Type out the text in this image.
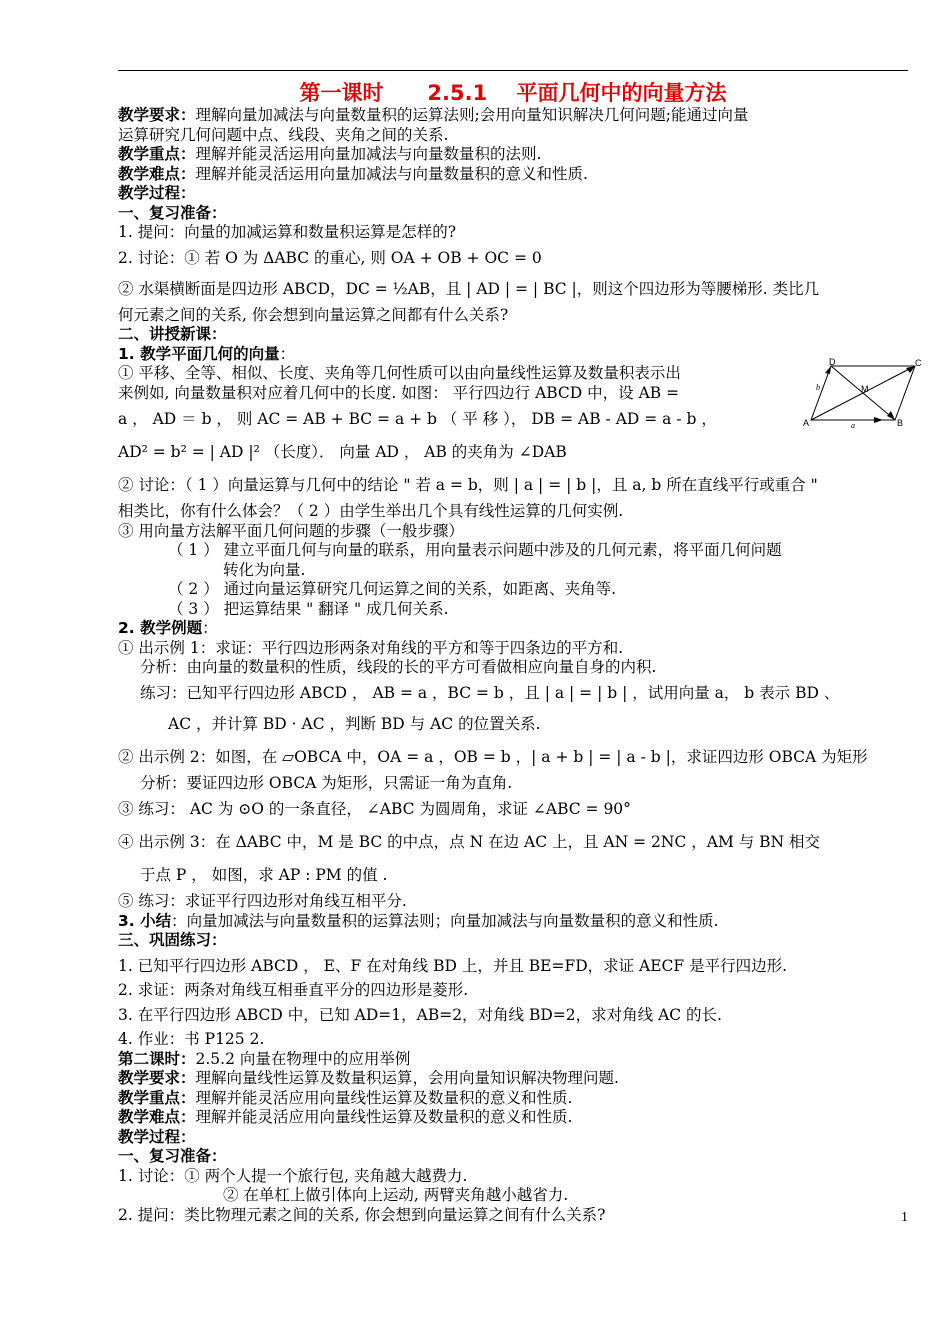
第一课时      2.5.1    平面几何中的向量方法
教学要求：理解向量加减法与向量数量积的运算法则;会用向量知识解决几何问题;能通过向量
运算研究几何问题中点、线段、夹角之间的关系.
教学重点：理解并能灵活运用向量加减法与向量数量积的法则.
教学难点：理解并能灵活运用向量加减法与向量数量积的意义和性质.
教学过程：
一、复习准备：
1. 提问：向量的加减运算和数量积运算是怎样的?
2. 讨论：① 若 O 为 ΔABC 的重心, 则 OA + OB + OC = 0
② 水渠横断面是四边形 ABCD，DC = ½AB，且 | AD | = | BC |，则这个四边形为等腰梯形. 类比几
何元素之间的关系, 你会想到向量运算之间都有什么关系?
二、讲授新课：
1. 教学平面几何的向量：
① 平移、全等、相似、长度、夹角等几何性质可以由向量线性运算及数量积表示出
来例如, 向量数量积对应着几何中的长度. 如图： 平行四边行 ABCD 中，设 AB =
a ， AD ＝ b ， 则 AC = AB + BC = a + b （ 平 移 ）， DB = AB - AD = a - b ，
AD² = b² = | AD |² （长度）． 向量 AD ， AB 的夹角为 ∠DAB
② 讨论：（ 1 ）向量运算与几何中的结论 " 若 a = b，则 | a | = | b |，且 a, b 所在直线平行或重合 "
相类比，你有什么体会？（ 2 ）由学生举出几个具有线性运算的几何实例.
③ 用向量方法解平面几何问题的步骤（一般步骤）
（ 1 ） 建立平面几何与向量的联系，用向量表示问题中涉及的几何元素，将平面几何问题
转化为向量.
（ 2 ） 通过向量运算研究几何运算之间的关系，如距离、夹角等.
（ 3 ） 把运算结果 " 翻译 " 成几何关系.
2. 教学例题：
① 出示例 1：求证：平行四边形两条对角线的平方和等于四条边的平方和.
分析：由向量的数量积的性质，线段的长的平方可看做相应向量自身的内积.
练习：已知平行四边形 ABCD ， AB = a ，BC = b ，且 | a | = | b | ，试用向量 a， b 表示 BD 、
AC ，并计算 BD · AC ，判断 BD 与 AC 的位置关系.
② 出示例 2：如图，在 ▱OBCA 中，OA = a ，OB = b ，| a + b | = | a - b |，求证四边形 OBCA 为矩形
分析：要证四边形 OBCA 为矩形，只需证一角为直角.
③ 练习： AC 为 ⊙O 的一条直径， ∠ABC 为圆周角，求证 ∠ABC = 90°
④ 出示例 3：在 ΔABC 中，M 是 BC 的中点，点 N 在边 AC 上，且 AN = 2NC ，AM 与 BN 相交
于点 P ， 如图，求 AP : PM 的值 .
⑤ 练习：求证平行四边形对角线互相平分.
3. 小结：向量加减法与向量数量积的运算法则；向量加减法与向量数量积的意义和性质.
三、巩固练习：
1. 已知平行四边形 ABCD ， E、F 在对角线 BD 上，并且 BE=FD，求证 AECF 是平行四边形.
2. 求证：两条对角线互相垂直平分的四边形是菱形.
3. 在平行四边形 ABCD 中，已知 AD=1，AB=2，对角线 BD=2，求对角线 AC 的长.
4. 作业：书 P125 2.
第二课时：2.5.2 向量在物理中的应用举例
教学要求：理解向量线性运算及数量积运算，会用向量知识解决物理问题.
教学重点：理解并能灵活应用向量线性运算及数量积的意义和性质.
教学难点：理解并能灵活应用向量线性运算及数量积的意义和性质.
教学过程：
一、复习准备：
1. 讨论：① 两个人提一个旅行包, 夹角越大越费力.
② 在单杠上做引体向上运动, 两臂夹角越小越省力.
2. 提问：类比物理元素之间的关系, 你会想到向量运算之间有什么关系?
D	C
A	B
M
b
a
1
